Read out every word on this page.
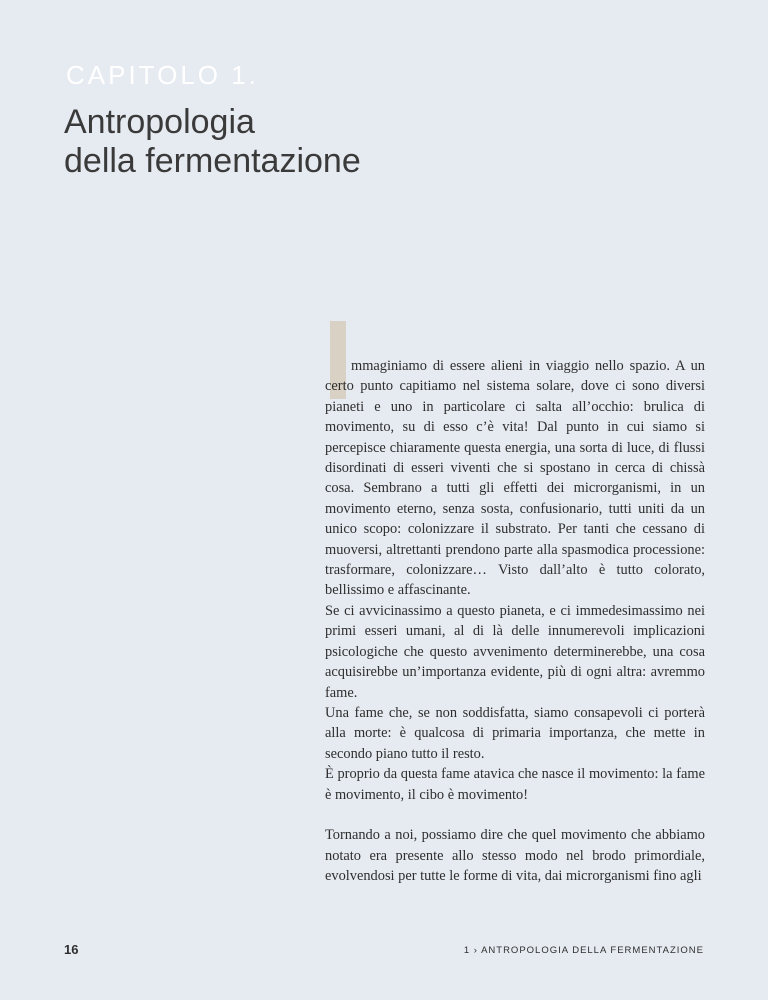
CAPITOLO 1.
Antropologia
della fermentazione

mmaginiamo di essere alieni in viaggio nello spazio. A un certo punto capitiamo nel sistema solare, dove ci sono diversi pianeti e uno in particolare ci salta all’occhio: brulica di movimento, su di esso c’è vita! Dal punto in cui siamo si percepisce chiaramente questa energia, una sorta di luce, di flussi disordinati di esseri viventi che si spostano in cerca di chissà cosa. Sembrano a tutti gli effetti dei microrganismi, in un movimento eterno, senza sosta, confusionario, tutti uniti da un unico scopo: colonizzare il substrato. Per tanti che cessano di muoversi, altrettanti prendono parte alla spasmodica processione: trasformare, colonizzare… Visto dall’alto è tutto colorato, bellissimo e affascinante.

Se ci avvicinassimo a questo pianeta, e ci immedesimassimo nei primi esseri umani, al di là delle innumerevoli implicazioni psicologiche che questo avvenimento determinerebbe, una cosa acquisirebbe un’importanza evidente, più di ogni altra: avremmo fame.

Una fame che, se non soddisfatta, siamo consapevoli ci porterà alla morte: è qualcosa di primaria importanza, che mette in secondo piano tutto il resto.

È proprio da questa fame atavica che nasce il movimento: la fame è movimento, il cibo è movimento!

Tornando a noi, possiamo dire che quel movimento che abbiamo notato era presente allo stesso modo nel brodo primordiale, evolvendosi per tutte le forme di vita, dai microrganismi fino agli

16	1 › ANTROPOLOGIA DELLA FERMENTAZIONE
